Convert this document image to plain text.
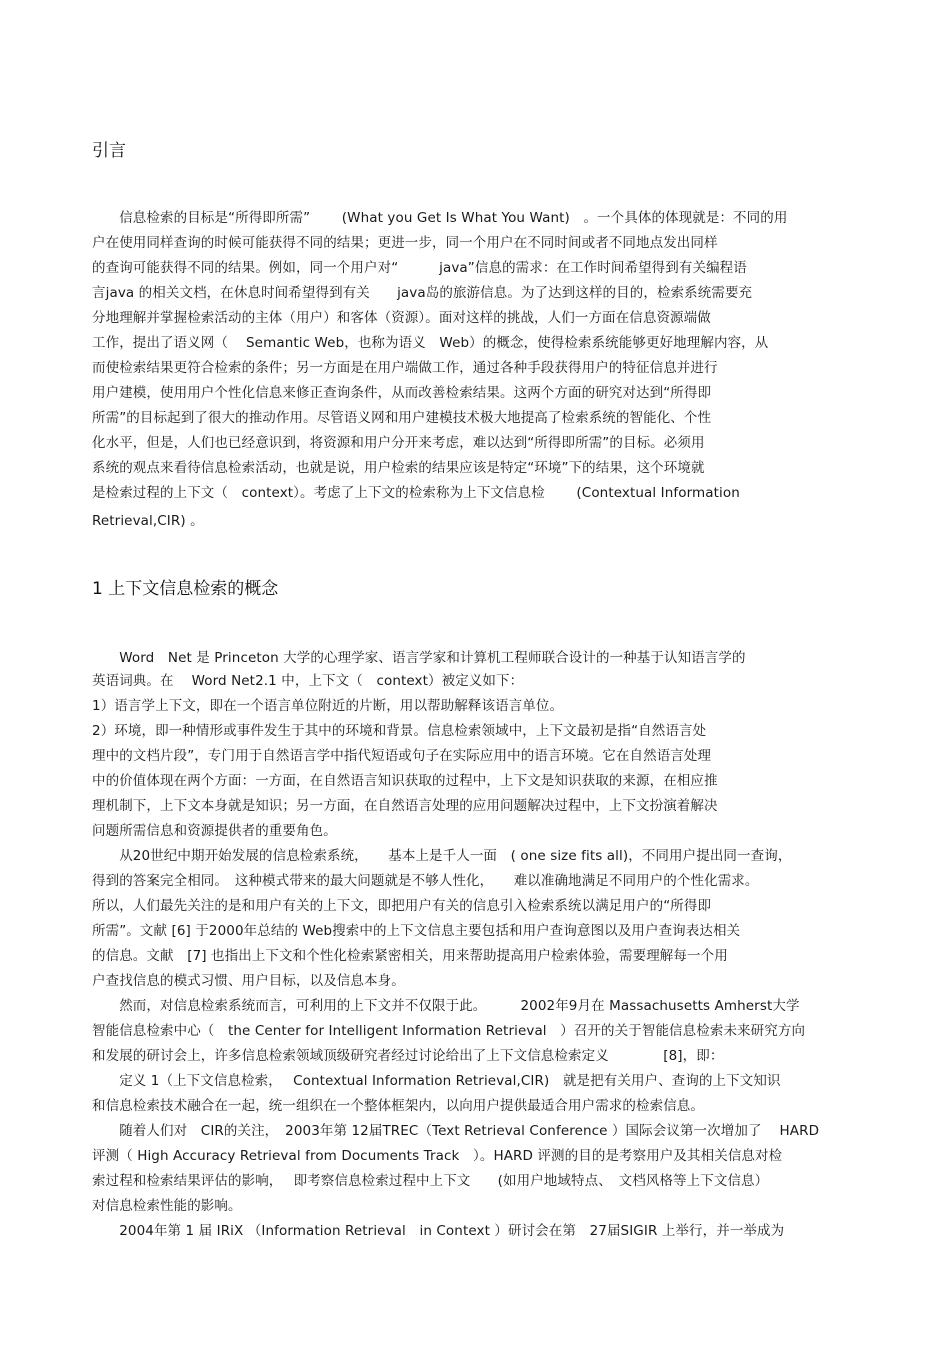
引言
　　信息检索的目标是“所得即所需”　　 (What you Get Is What You Want)　。一个具体的体现就是：不同的用
户在使用同样查询的时候可能获得不同的结果；更进一步，同一个用户在不同时间或者不同地点发出同样
的查询可能获得不同的结果。例如，同一个用户对“　　　java”信息的需求：在工作时间希望得到有关编程语
言java 的相关文档，在休息时间希望得到有关　　java岛的旅游信息。为了达到这样的目的，检索系统需要充
分地理解并掌握检索活动的主体（用户）和客体（资源）。面对这样的挑战，人们一方面在信息资源端做
工作，提出了语义网（　 Semantic Web，也称为语义　Web）的概念，使得检索系统能够更好地理解内容，从
而使检索结果更符合检索的条件；另一方面是在用户端做工作，通过各种手段获得用户的特征信息并进行
用户建模，使用用户个性化信息来修正查询条件，从而改善检索结果。这两个方面的研究对达到“所得即
所需”的目标起到了很大的推动作用。尽管语义网和用户建模技术极大地提高了检索系统的智能化、个性
化水平，但是，人们也已经意识到，将资源和用户分开来考虑，难以达到“所得即所需”的目标。必须用
系统的观点来看待信息检索活动，也就是说，用户检索的结果应该是特定“环境”下的结果，这个环境就
是检索过程的上下文（　context）。考虑了上下文的检索称为上下文信息检　　 (Contextual Information
Retrieval,CIR) 。
1 上下文信息检索的概念
　　Word　Net 是 Princeton 大学的心理学家、语言学家和计算机工程师联合设计的一种基于认知语言学的
英语词典。在　 Word Net2.1 中，上下文（　context）被定义如下：
1）语言学上下文，即在一个语言单位附近的片断，用以帮助解释该语言单位。
2）环境，即一种情形或事件发生于其中的环境和背景。信息检索领域中，上下文最初是指“自然语言处
理中的文档片段”，专门用于自然语言学中指代短语或句子在实际应用中的语言环境。它在自然语言处理
中的价值体现在两个方面：一方面，在自然语言知识获取的过程中，上下文是知识获取的来源，在相应推
理机制下，上下文本身就是知识；另一方面，在自然语言处理的应用问题解决过程中，上下文扮演着解决
问题所需信息和资源提供者的重要角色。
　　从20世纪中期开始发展的信息检索系统，　　基本上是千人一面　( one size fits all)，不同用户提出同一查询，
得到的答案完全相同。　这种模式带来的最大问题就是不够人性化，　　难以准确地满足不同用户的个性化需求。
所以，人们最先关注的是和用户有关的上下文，即把用户有关的信息引入检索系统以满足用户的“所得即
所需”。文献 [6] 于2000年总结的 Web搜索中的上下文信息主要包括和用户查询意图以及用户查询表达相关
的信息。文献　[7] 也指出上下文和个性化检索紧密相关，用来帮助提高用户检索体验，需要理解每一个用
户查找信息的模式习惯、用户目标，以及信息本身。
　　然而，对信息检索系统而言，可利用的上下文并不仅限于此。　　　2002年9月在 Massachusetts Amherst大学
智能信息检索中心（　the Center for Intelligent Information Retrieval　）召开的关于智能信息检索未来研究方向
和发展的研讨会上，许多信息检索领域顶级研究者经过讨论给出了上下文信息检索定义　　　　[8]，即：
　　定义 1（上下文信息检索，　 Contextual Information Retrieval,CIR)　就是把有关用户、查询的上下文知识
和信息检索技术融合在一起，统一组织在一个整体框架内，以向用户提供最适合用户需求的检索信息。
　　随着人们对　CIR的关注，　2003年第 12届TREC（Text Retrieval Conference ）国际会议第一次增加了　 HARD
评测（ High Accuracy Retrieval from Documents Track　）。HARD 评测的目的是考察用户及其相关信息对检
索过程和检索结果评估的影响，　 即考察信息检索过程中上下文　　(如用户地域特点、　文档风格等上下文信息）
对信息检索性能的影响。
　　2004年第 1 届 IRiX （Information Retrieval　in Context ）研讨会在第　27届SIGIR 上举行，并一举成为
